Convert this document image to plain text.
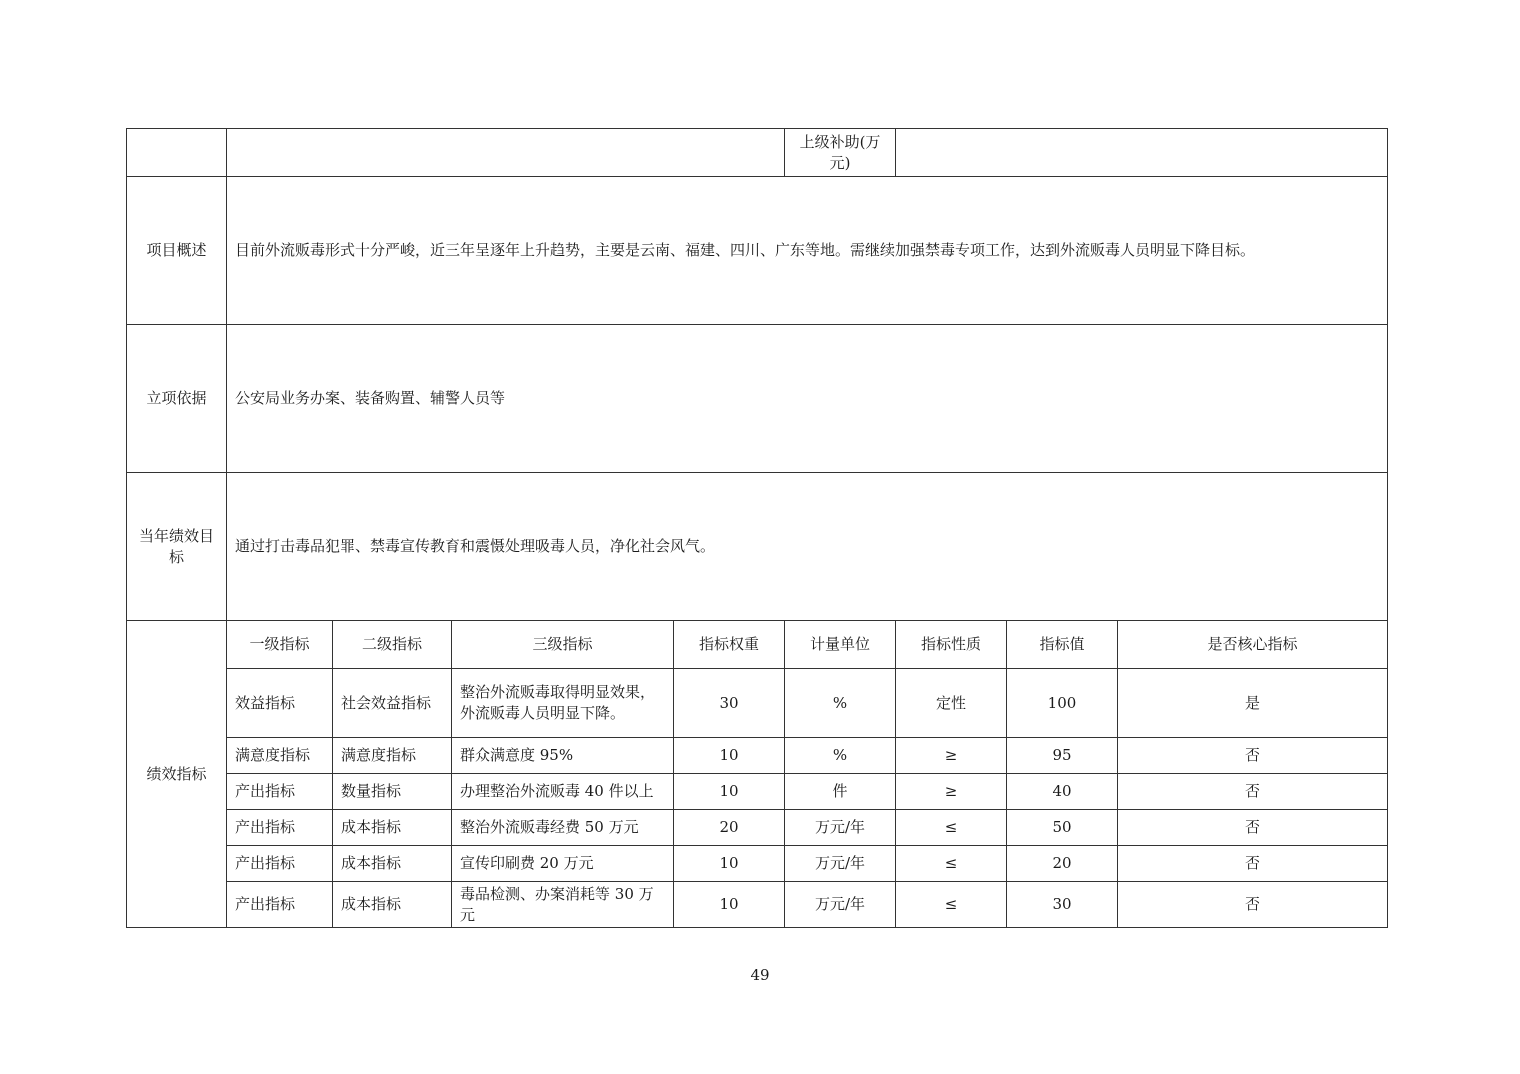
					上级补助(万元)			
项目概述	目前外流贩毒形式十分严峻，近三年呈逐年上升趋势，主要是云南、福建、四川、广东等地。需继续加强禁毒专项工作，达到外流贩毒人员明显下降目标。							
立项依据	公安局业务办案、装备购置、辅警人员等							
当年绩效目标	通过打击毒品犯罪、禁毒宣传教育和震慑处理吸毒人员，净化社会风气。							
绩效指标	一级指标	二级指标	三级指标	指标权重	计量单位	指标性质	指标值	是否核心指标
	效益指标	社会效益指标	整治外流贩毒取得明显效果，外流贩毒人员明显下降。	30	%	定性	100	是
	满意度指标	满意度指标	群众满意度 95%	10	%	≥	95	否
	产出指标	数量指标	办理整治外流贩毒 40 件以上	10	件	≥	40	否
	产出指标	成本指标	整治外流贩毒经费 50 万元	20	万元/年	≤	50	否
	产出指标	成本指标	宣传印刷费 20 万元	10	万元/年	≤	20	否
	产出指标	成本指标	毒品检测、办案消耗等 30 万元	10	万元/年	≤	30	否
49
